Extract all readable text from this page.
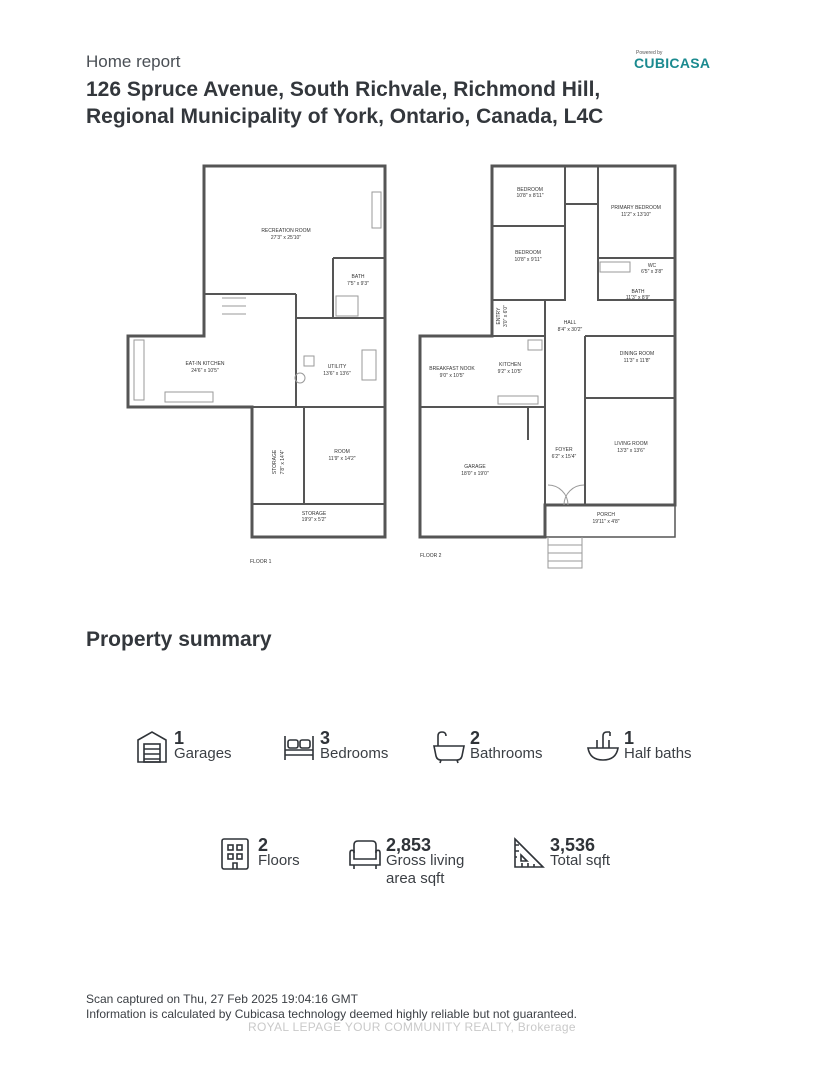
Home report
126 Spruce Avenue, South Richvale, Richmond Hill,
Regional Municipality of York, Ontario, Canada, L4C
Powered by
CUBICASA
RECREATION ROOM
27'3" x 25'10"
BATH
7'5" x 9'3"
EAT-IN KITCHEN
24'6" x 10'5"
UTILITY
13'6" x 13'6"
ROOM
11'9" x 14'2"
STORAGE 7'8" x 14'4"
STORAGE
19'9" x 5'2"
FLOOR 1
BEDROOM
10'8" x 8'11"
BEDROOM
10'8" x 9'11"
PRIMARY BEDROOM
11'2" x 13'10"
WC
6'5" x 3'8"
BATH
11'3" x 8'9"
ENTRY 3'0" x 6'0"	HALL
8'4" x 30'2"
BREAKFAST NOOK
9'0" x 10'5"
KITCHEN
9'2" x 10'5"
DINING ROOM
11'3" x 11'8"
LIVING ROOM
13'3" x 13'6"
FOYER
6'2" x 15'4"
GARAGE
18'0" x 19'0"
PORCH
19'11" x 4'8"
FLOOR 2
Property summary
1
Garages
3
Bedrooms
2
Bathrooms
1
Half baths
2
Floors
2,853
Gross living
area sqft
3,536
Total sqft
Scan captured on Thu, 27 Feb 2025 19:04:16 GMT
Information is calculated by Cubicasa technology deemed highly reliable but not guaranteed.
ROYAL LEPAGE YOUR COMMUNITY REALTY, Brokerage
